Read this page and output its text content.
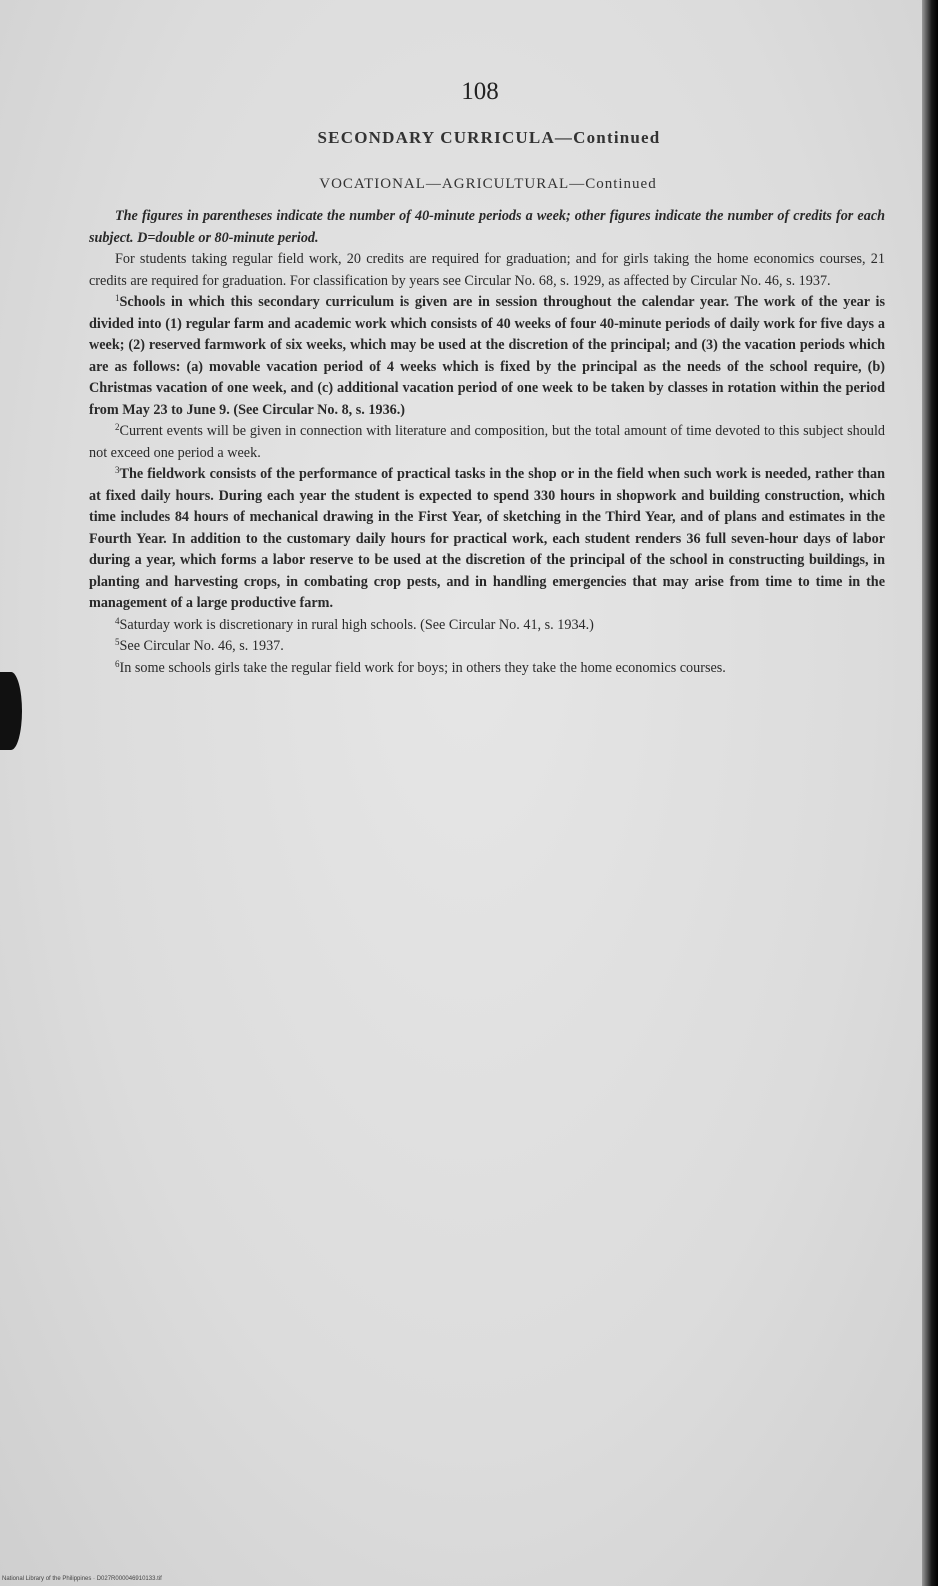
108
SECONDARY CURRICULA—Continued
VOCATIONAL—AGRICULTURAL—Continued

The figures in parentheses indicate the number of 40-minute periods a week; other figures indicate the number of credits for each subject. D=double or 80-minute period.

For students taking regular field work, 20 credits are required for graduation; and for girls taking the home economics courses, 21 credits are required for graduation. For classification by years see Circular No. 68, s. 1929, as affected by Circular No. 46, s. 1937.

$^1$Schools in which this secondary curriculum is given are in session throughout the calendar year. The work of the year is divided into (1) regular farm and academic work which consists of 40 weeks of four 40-minute periods of daily work for five days a week; (2) reserved farmwork of six weeks, which may be used at the discretion of the principal; and (3) the vacation periods which are as follows: (a) movable vacation period of 4 weeks which is fixed by the principal as the needs of the school require, (b) Christmas vacation of one week, and (c) additional vacation period of one week to be taken by classes in rotation within the period from May 23 to June 9. (See Circular No. 8, s. 1936.)

$^2$Current events will be given in connection with literature and composition, but the total amount of time devoted to this subject should not exceed one period a week.

$^3$The fieldwork consists of the performance of practical tasks in the shop or in the field when such work is needed, rather than at fixed daily hours. During each year the student is expected to spend 330 hours in shopwork and building construction, which time includes 84 hours of mechanical drawing in the First Year, of sketching in the Third Year, and of plans and estimates in the Fourth Year. In addition to the customary daily hours for practical work, each student renders 36 full seven-hour days of labor during a year, which forms a labor reserve to be used at the discretion of the principal of the school in constructing buildings, in planting and harvesting crops, in combating crop pests, and in handling emergencies that may arise from time to time in the management of a large productive farm.

$^4$Saturday work is discretionary in rural high schools. (See Circular No. 41, s. 1934.)

$^5$See Circular No. 46, s. 1937.

$^6$In some schools girls take the regular field work for boys; in others they take the home economics courses.

National Library of the Philippines · D027R000046910133.tif
